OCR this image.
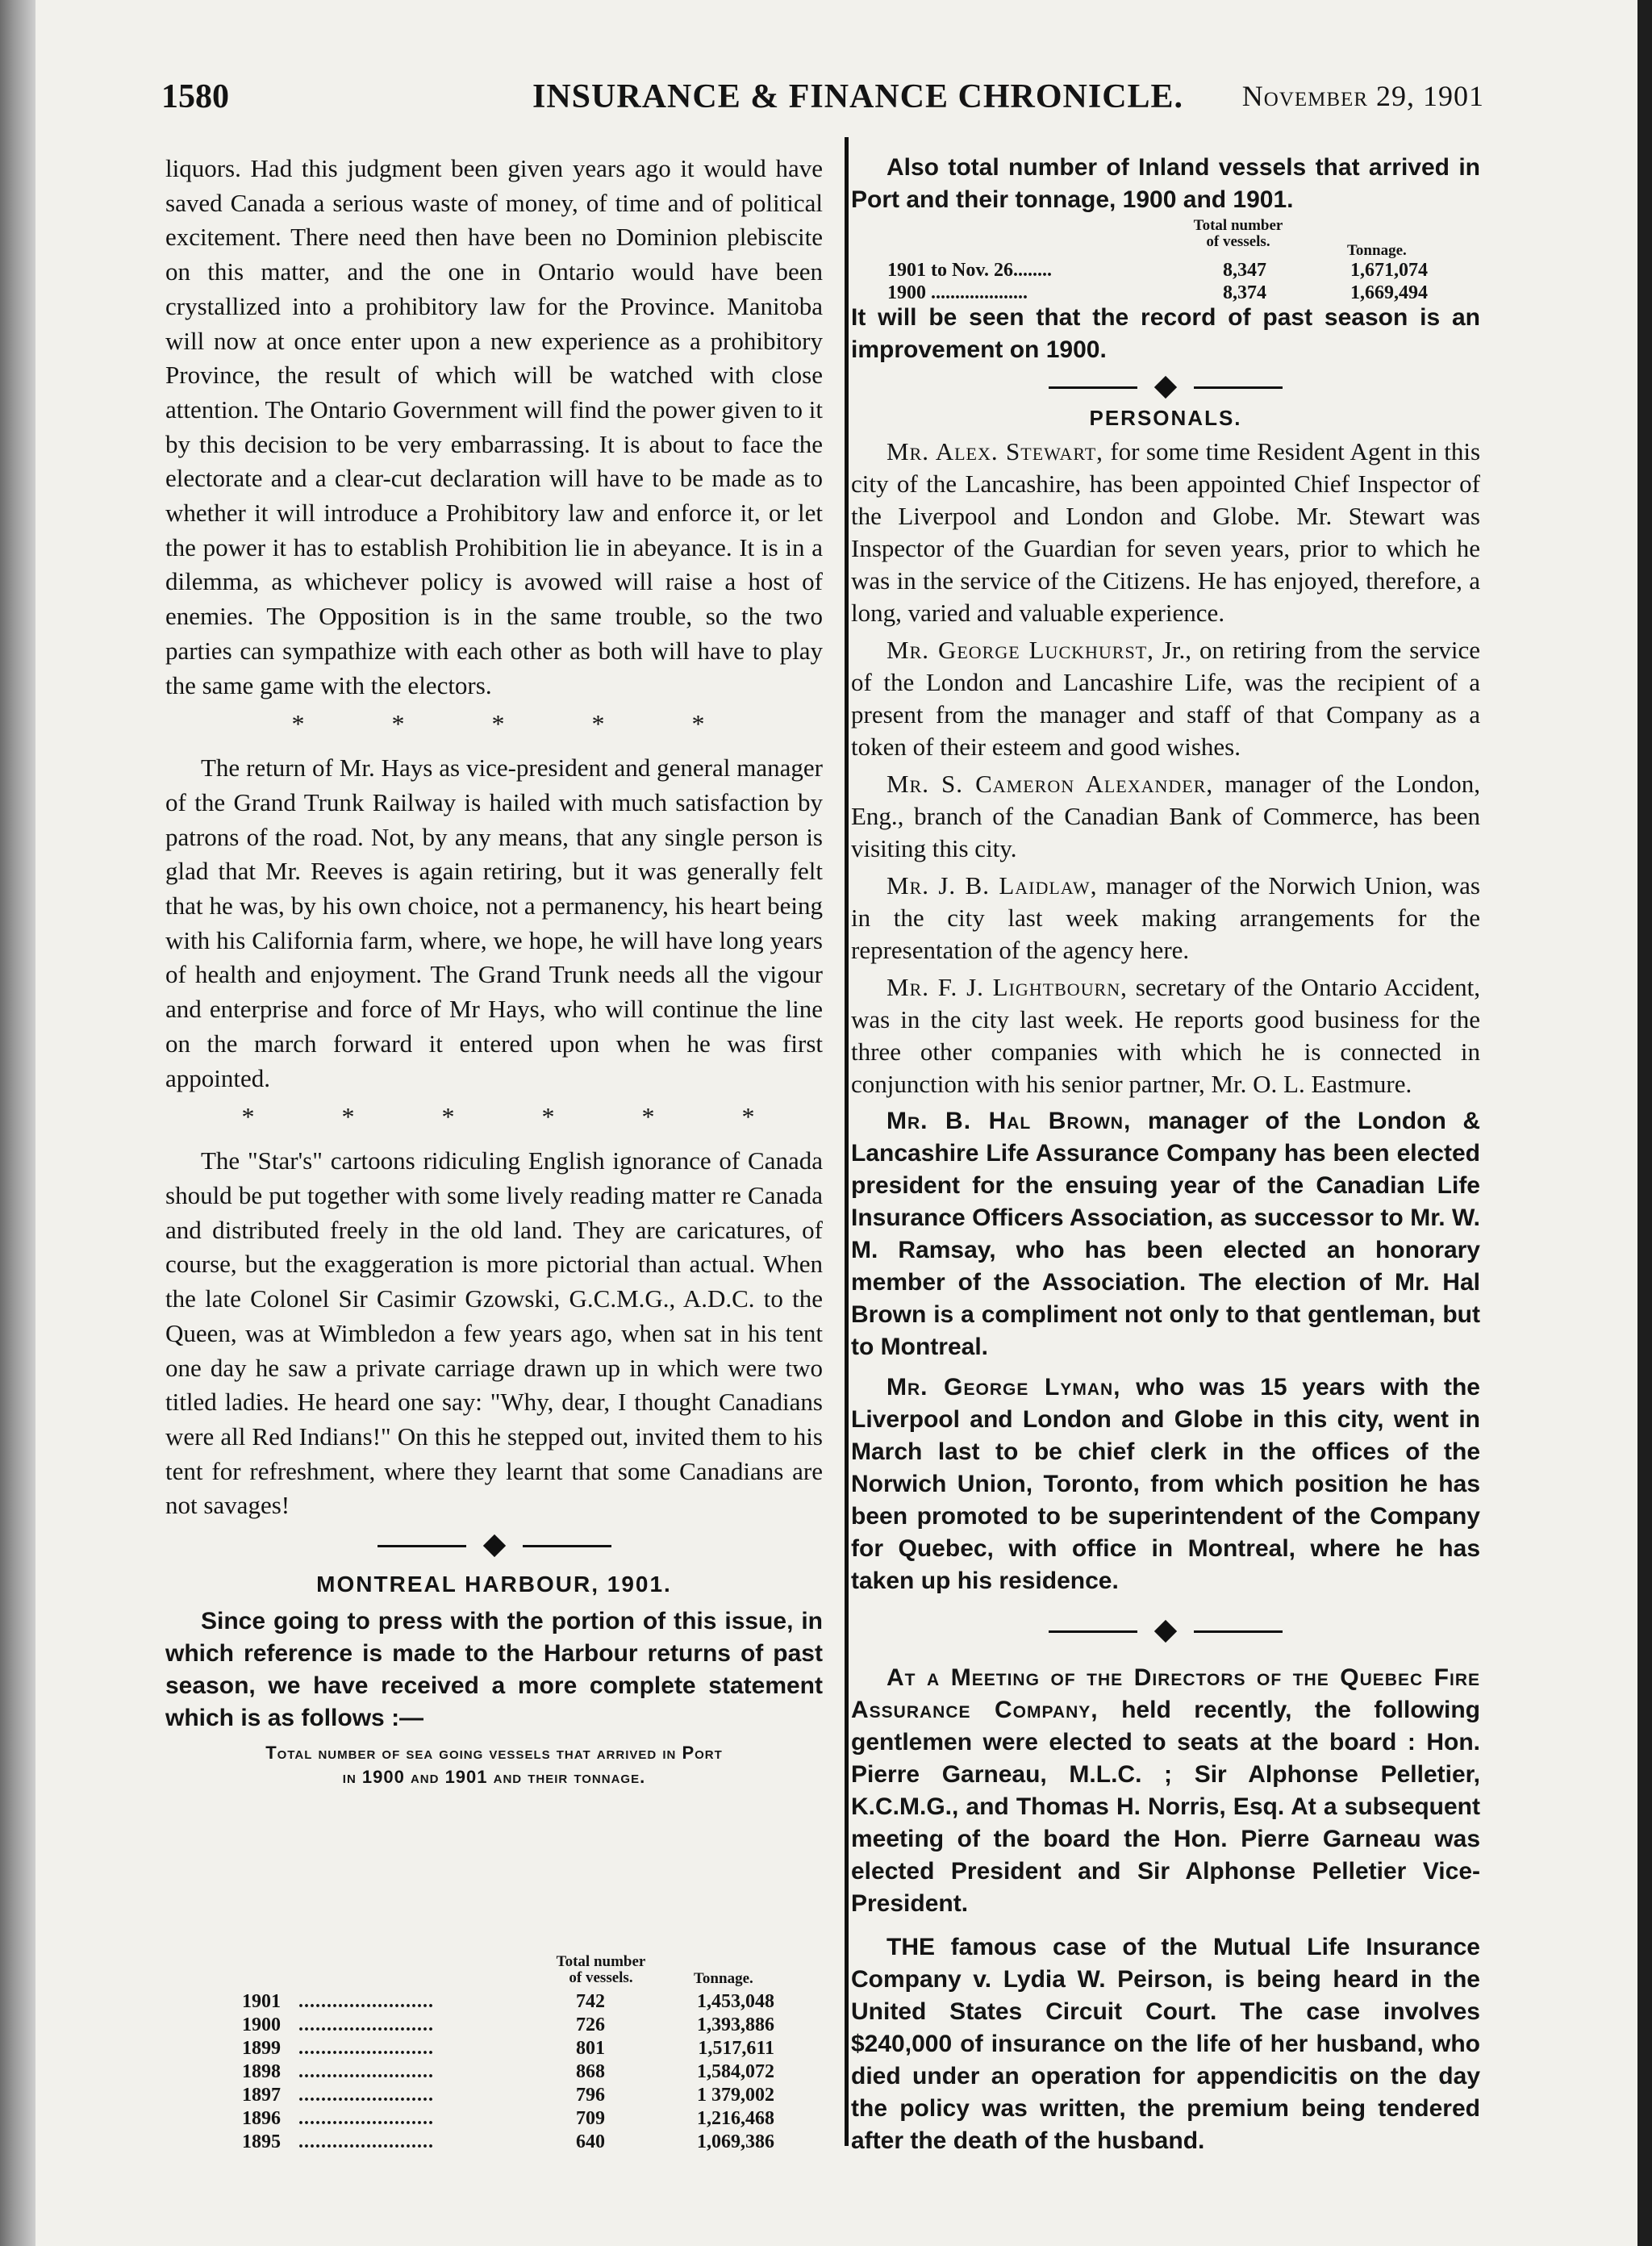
1580	INSURANCE & FINANCE CHRONICLE. November 29, 1901

liquors. Had this judgment been given years ago it would have saved Canada a serious waste of money, of time and of political excitement. There need then have been no Dominion plebiscite on this matter, and the one in Ontario would have been crystallized into a prohibitory law for the Province. Manitoba will now at once enter upon a new experience as a prohibitory Province, the result of which will be watched with close attention. The Ontario Government will find the power given to it by this decision to be very embarrassing. It is about to face the electorate and a clear-cut declaration will have to be made as to whether it will introduce a Prohibitory law and enforce it, or let the power it has to establish Prohibition lie in abeyance. It is in a dilemma, as whichever policy is avowed will raise a host of enemies. The Opposition is in the same trouble, so the two parties can sympathize with each other as both will have to play the same game with the electors.

* * * * *

The return of Mr. Hays as vice-president and general manager of the Grand Trunk Railway is hailed with much satisfaction by patrons of the road. Not, by any means, that any single person is glad that Mr. Reeves is again retiring, but it was generally felt that he was, by his own choice, not a permanency, his heart being with his California farm, where, we hope, he will have long years of health and enjoyment. The Grand Trunk needs all the vigour and enterprise and force of Mr Hays, who will continue the line on the march forward it entered upon when he was first appointed.

* * * * * *

The "Star's" cartoons ridiculing English ignorance of Canada should be put together with some lively reading matter re Canada and distributed freely in the old land. They are caricatures, of course, but the exaggeration is more pictorial than actual. When the late Colonel Sir Casimir Gzowski, G.C.M.G., A.D.C. to the Queen, was at Wimbledon a few years ago, when sat in his tent one day he saw a private carriage drawn up in which were two titled ladies. He heard one say: "Why, dear, I thought Canadians were all Red Indians!" On this he stepped out, invited them to his tent for refreshment, where they learnt that some Canadians are not savages!

MONTREAL HARBOUR, 1901.

Since going to press with the portion of this issue, in which reference is made to the Harbour returns of past season, we have received a more complete statement which is as follows :—

Total number of sea going vessels that arrived in Port
in 1900 and 1901 and their tonnage.
Total number
of vessels.	Tonnage.
1901 ........................	742	1,453,048
1900 ........................	726	1,393,886
1899 ........................	801	1,517,611
1898 ........................	868	1,584,072
1897 ........................	796	1 379,002
1896 ........................	709	1,216,468
1895 ........................	640	1,069,386

Also total number of Inland vessels that arrived in Port and their tonnage, 1900 and 1901.

Total number
of vessels.
Tonnage.
1901 to Nov. 26........	8,347	1,671,074
1900 ....................	8,374	1,669,494

It will be seen that the record of past season is an improvement on 1900.

PERSONALS.

Mr. Alex. Stewart, for some time Resident Agent in this city of the Lancashire, has been appointed Chief Inspector of the Liverpool and London and Globe. Mr. Stewart was Inspector of the Guardian for seven years, prior to which he was in the service of the Citizens. He has enjoyed, therefore, a long, varied and valuable experience.

Mr. George Luckhurst, Jr., on retiring from the service of the London and Lancashire Life, was the recipient of a present from the manager and staff of that Company as a token of their esteem and good wishes.

Mr. S. Cameron Alexander, manager of the London, Eng., branch of the Canadian Bank of Commerce, has been visiting this city.

Mr. J. B. Laidlaw, manager of the Norwich Union, was in the city last week making arrangements for the representation of the agency here.

Mr. F. J. Lightbourn, secretary of the Ontario Accident, was in the city last week. He reports good business for the three other companies with which he is connected in conjunction with his senior partner, Mr. O. L. Eastmure.

Mr. B. Hal Brown, manager of the London & Lancashire Life Assurance Company has been elected president for the ensuing year of the Canadian Life Insurance Officers Association, as successor to Mr. W. M. Ramsay, who has been elected an honorary member of the Association. The election of Mr. Hal Brown is a compliment not only to that gentleman, but to Montreal.

Mr. George Lyman, who was 15 years with the Liverpool and London and Globe in this city, went in March last to be chief clerk in the offices of the Norwich Union, Toronto, from which position he has been promoted to be superintendent of the Company for Quebec, with office in Montreal, where he has taken up his residence.

At a Meeting of the Directors of the Quebec Fire Assurance Company, held recently, the following gentlemen were elected to seats at the board : Hon. Pierre Garneau, M.L.C. ; Sir Alphonse Pelletier, K.C.M.G., and Thomas H. Norris, Esq. At a subsequent meeting of the board the Hon. Pierre Garneau was elected President and Sir Alphonse Pelletier Vice-President.

THE famous case of the Mutual Life Insurance Company v. Lydia W. Peirson, is being heard in the United States Circuit Court. The case involves $240,000 of insurance on the life of her husband, who died under an operation for appendicitis on the day the policy was written, the premium being tendered after the death of the husband.
